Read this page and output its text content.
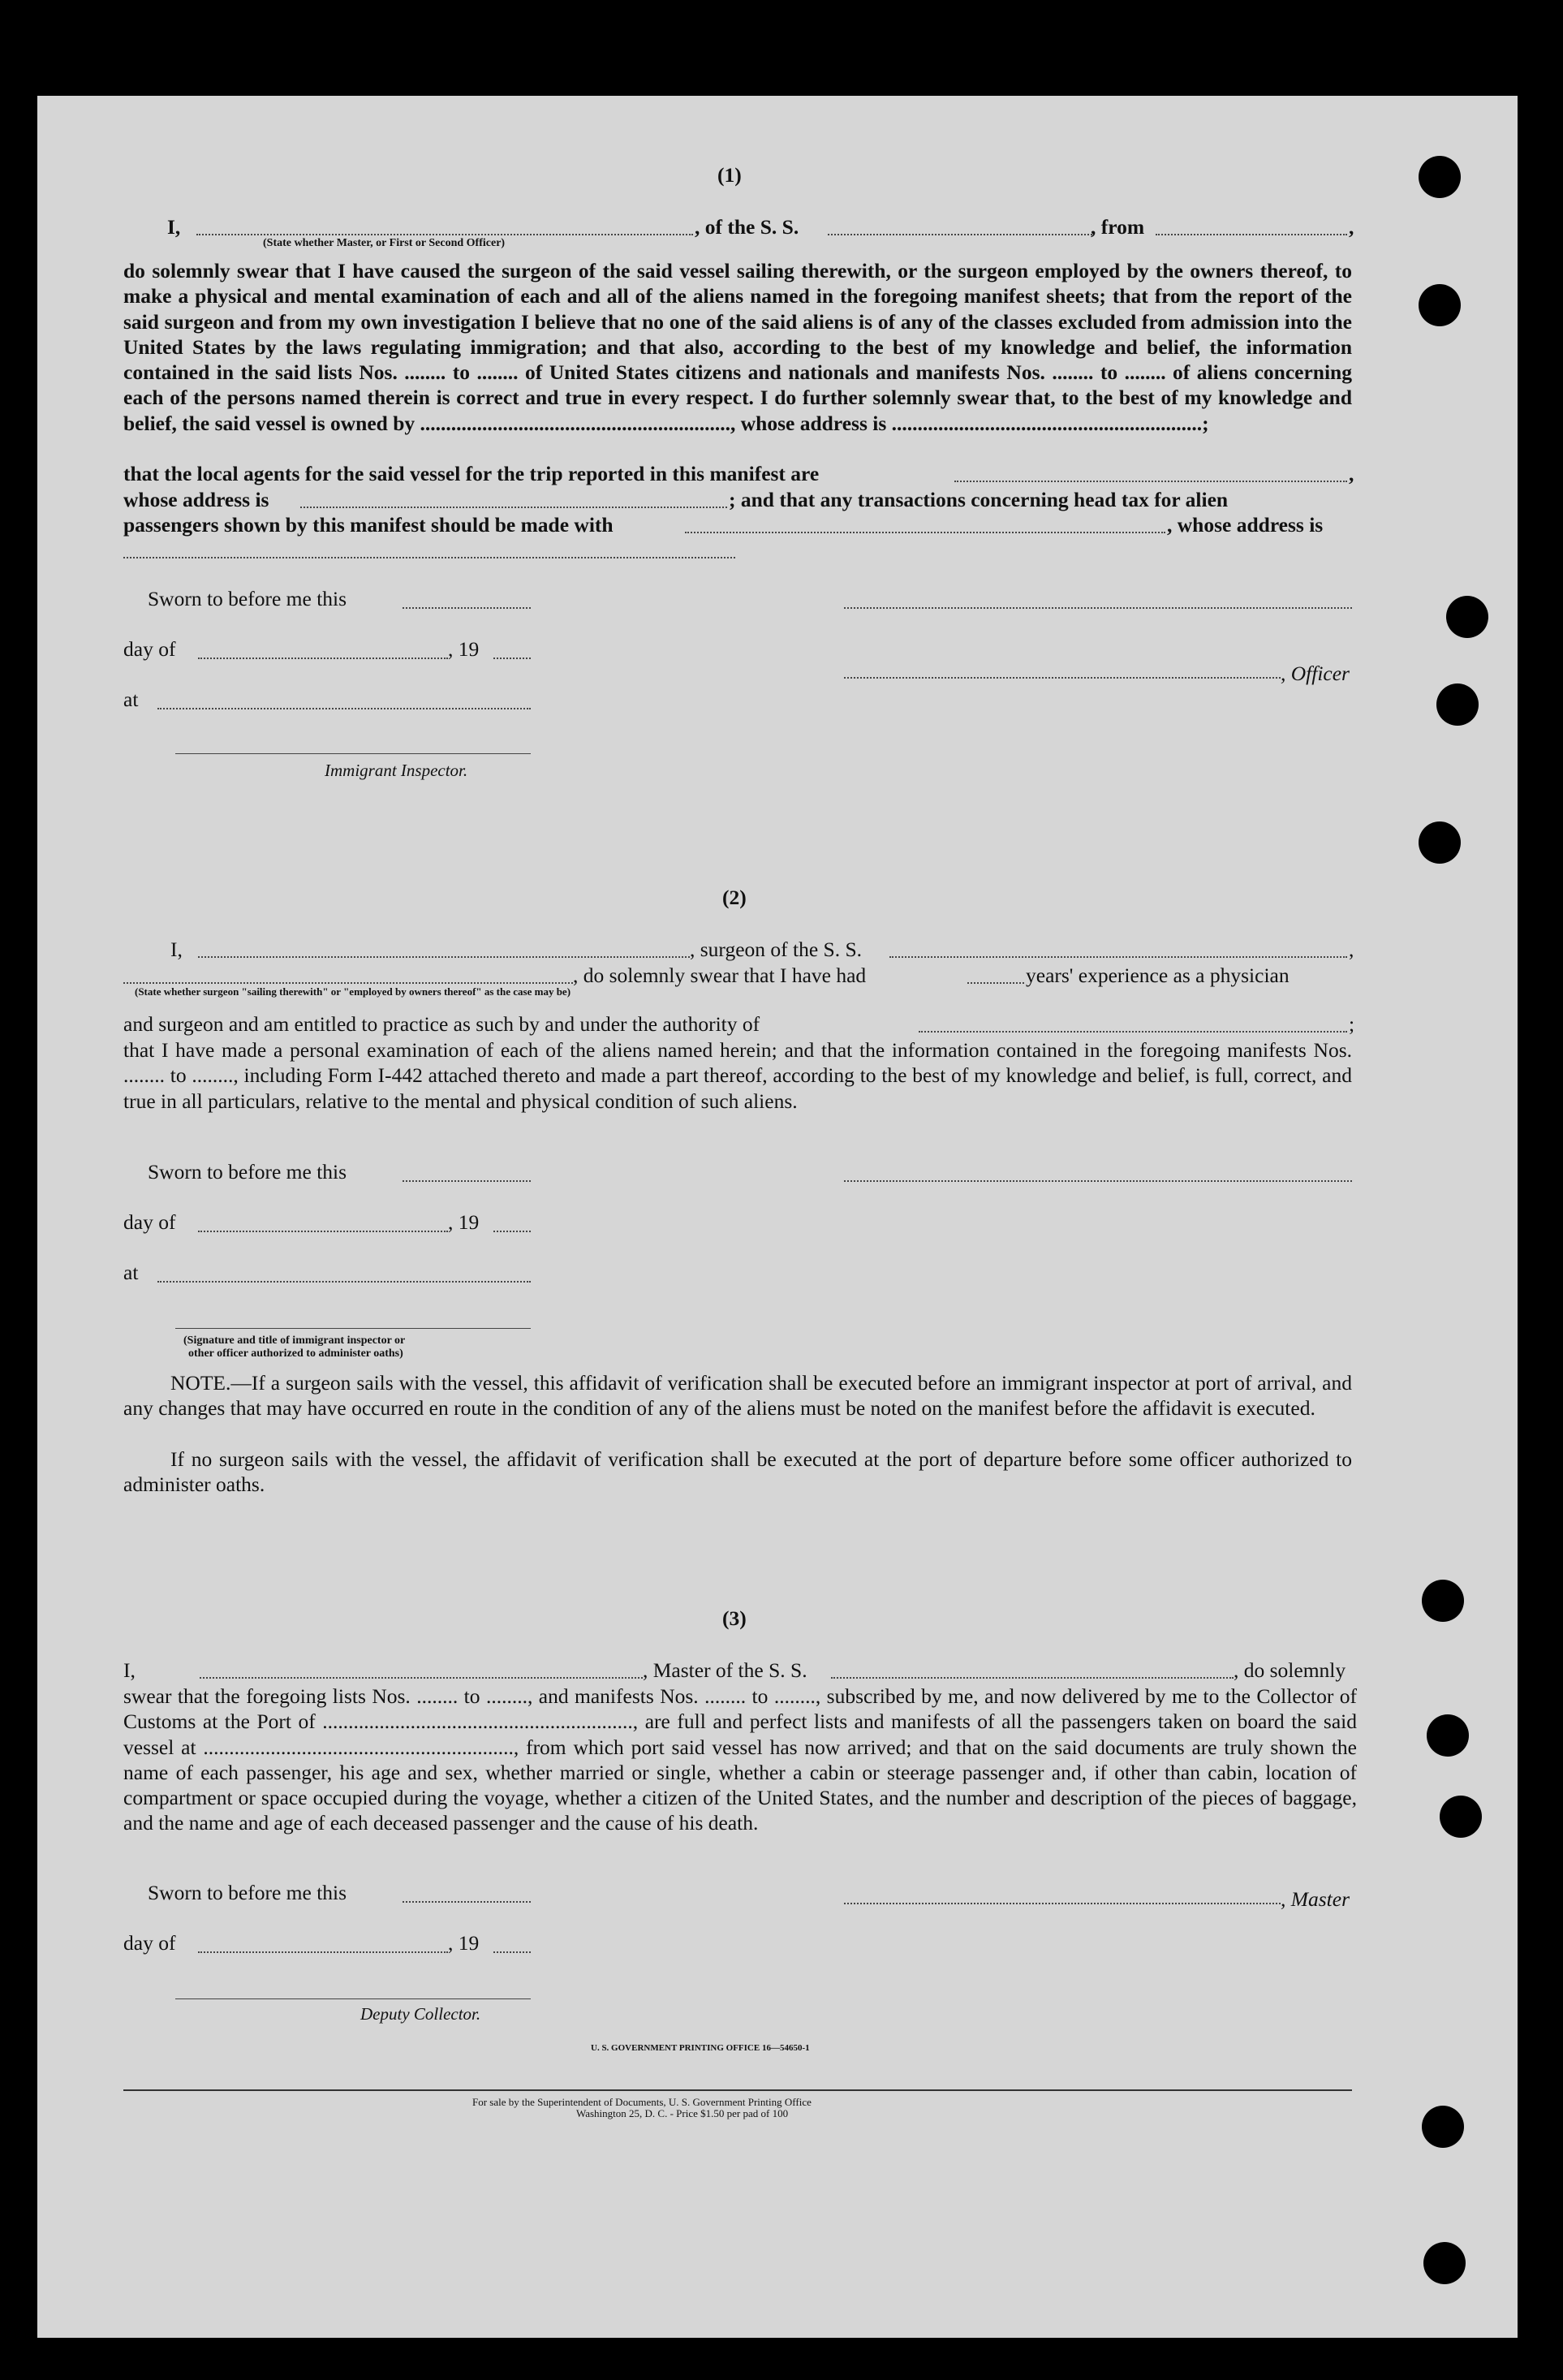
(1)
I,	, of the S. S.	, from	,
(State whether Master, or First or Second Officer)
do solemnly swear that I have caused the surgeon of the said vessel sailing therewith, or the surgeon employed by the owners thereof, to make a physical and mental examination of each and all of the aliens named in the foregoing manifest sheets; that from the report of the said surgeon and from my own investigation I believe that no one of the said aliens is of any of the classes excluded from admission into the United States by the laws regulating immigration; and that also, according to the best of my knowledge and belief, the information contained in the said lists Nos. ........ to ........ of United States citizens and nationals and manifests Nos. ........ to ........ of aliens concerning each of the persons named therein is correct and true in every respect. I do further solemnly swear that, to the best of my knowledge and belief, the said vessel is owned by ............................................................, whose address is ............................................................;
that the local agents for the said vessel for the trip reported in this manifest are	,
whose address is	; and that any transactions concerning head tax for alien
passengers shown by this manifest should be made with	, whose address is
Sworn to before me this
day of	, 19
, Officer
at
Immigrant Inspector.
(2)
I,	, surgeon of the S. S.	,
, do solemnly swear that I have had	years' experience as a physician
(State whether surgeon "sailing therewith" or "employed by owners thereof" as the case may be)
and surgeon and am entitled to practice as such by and under the authority of	;
that I have made a personal examination of each of the aliens named herein; and that the information contained in the foregoing manifests Nos. ........ to ........, including Form I-442 attached thereto and made a part thereof, according to the best of my knowledge and belief, is full, correct, and true in all particulars, relative to the mental and physical condition of such aliens.
Sworn to before me this
day of	, 19
at
(Signature and title of immigrant inspector or
other officer authorized to administer oaths)
NOTE.—If a surgeon sails with the vessel, this affidavit of verification shall be executed before an immigrant inspector at port of arrival, and any changes that may have occurred en route in the condition of any of the aliens must be noted on the manifest before the affidavit is executed.
If no surgeon sails with the vessel, the affidavit of verification shall be executed at the port of departure before some officer authorized to administer oaths.
(3)
I,	, Master of the S. S.	, do solemnly
swear that the foregoing lists Nos. ........ to ........, and manifests Nos. ........ to ........, subscribed by me, and now delivered by me to the Collector of Customs at the Port of ............................................................, are full and perfect lists and manifests of all the passengers taken on board the said vessel at ............................................................, from which port said vessel has now arrived; and that on the said documents are truly shown the name of each passenger, his age and sex, whether married or single, whether a cabin or steerage passenger and, if other than cabin, location of compartment or space occupied during the voyage, whether a citizen of the United States, and the number and description of the pieces of baggage, and the name and age of each deceased passenger and the cause of his death.
Sworn to before me this	, Master
day of	, 19
Deputy Collector.
U. S. GOVERNMENT PRINTING OFFICE 16—54650-1
For sale by the Superintendent of Documents, U. S. Government Printing Office
Washington 25, D. C. - Price $1.50 per pad of 100
